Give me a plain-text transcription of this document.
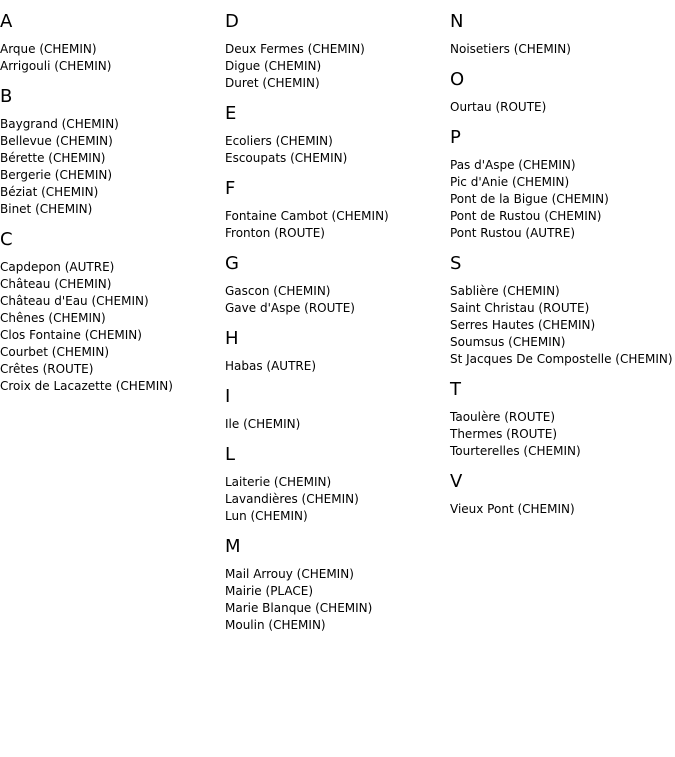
A
Arque (CHEMIN)
Arrigouli (CHEMIN)
B
Baygrand (CHEMIN)
Bellevue (CHEMIN)
Bérette (CHEMIN)
Bergerie (CHEMIN)
Béziat (CHEMIN)
Binet (CHEMIN)
C
Capdepon (AUTRE)
Château (CHEMIN)
Château d'Eau (CHEMIN)
Chênes (CHEMIN)
Clos Fontaine (CHEMIN)
Courbet (CHEMIN)
Crêtes (ROUTE)
Croix de Lacazette (CHEMIN)
D
Deux Fermes (CHEMIN)
Digue (CHEMIN)
Duret (CHEMIN)
E
Ecoliers (CHEMIN)
Escoupats (CHEMIN)
F
Fontaine Cambot (CHEMIN)
Fronton (ROUTE)
G
Gascon (CHEMIN)
Gave d'Aspe (ROUTE)
H
Habas (AUTRE)
I
Ile (CHEMIN)
L
Laiterie (CHEMIN)
Lavandières (CHEMIN)
Lun (CHEMIN)
M
Mail Arrouy (CHEMIN)
Mairie (PLACE)
Marie Blanque (CHEMIN)
Moulin (CHEMIN)
N
Noisetiers (CHEMIN)
O
Ourtau (ROUTE)
P
Pas d'Aspe (CHEMIN)
Pic d'Anie (CHEMIN)
Pont de la Bigue (CHEMIN)
Pont de Rustou (CHEMIN)
Pont Rustou (AUTRE)
S
Sablière (CHEMIN)
Saint Christau (ROUTE)
Serres Hautes (CHEMIN)
Soumsus (CHEMIN)
St Jacques De Compostelle (CHEMIN)
T
Taoulère (ROUTE)
Thermes (ROUTE)
Tourterelles (CHEMIN)
V
Vieux Pont (CHEMIN)
